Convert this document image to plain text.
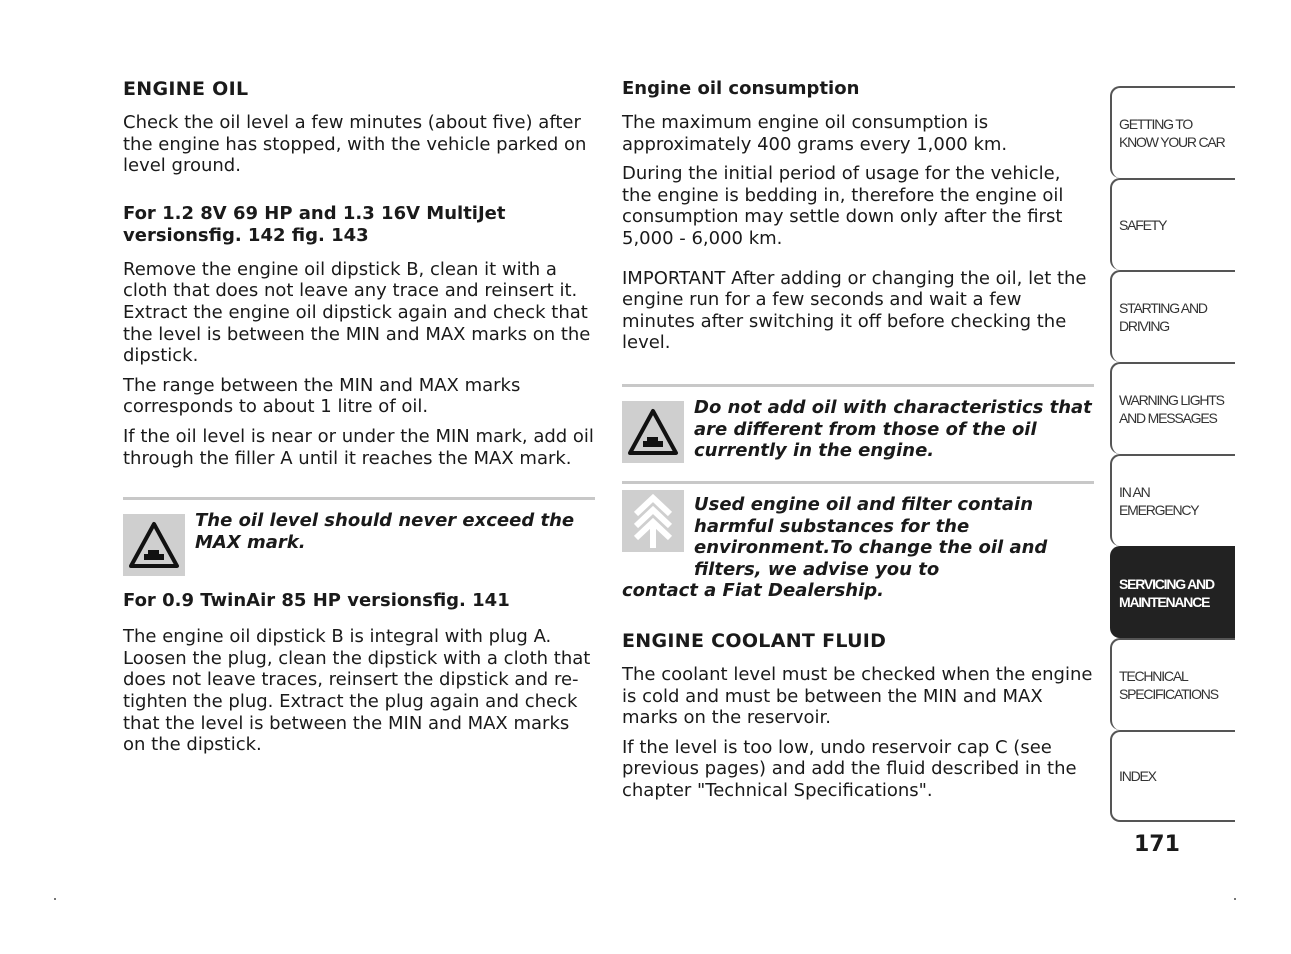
ENGINE OIL

Check the oil level a few minutes (about five) after the engine has stopped, with the vehicle parked on level ground.

For 1.2 8V 69 HP and 1.3 16V MultiJet versionsfig. 142 fig. 143

Remove the engine oil dipstick B, clean it with a cloth that does not leave any trace and reinsert it. Extract the engine oil dipstick again and check that the level is between the MIN and MAX marks on the dipstick.

The range between the MIN and MAX marks corresponds to about 1 litre of oil.

If the oil level is near or under the MIN mark, add oil through the filler A until it reaches the MAX mark.

The oil level should never exceed the MAX mark.
For 0.9 TwinAir 85 HP versionsfig. 141

The engine oil dipstick B is integral with plug A. Loosen the plug, clean the dipstick with a cloth that does not leave traces, reinsert the dipstick and re-tighten the plug. Extract the plug again and check that the level is between the MIN and MAX marks on the dipstick.

Engine oil consumption

The maximum engine oil consumption is approximately 400 grams every 1,000 km.

During the initial period of usage for the vehicle, the engine is bedding in, therefore the engine oil consumption may settle down only after the first 5,000 - 6,000 km.

IMPORTANT After adding or changing the oil, let the engine run for a few seconds and wait a few minutes after switching it off before checking the level.

Do not add oil with characteristics that are different from those of the oil currently in the engine.
Used engine oil and filter contain harmful substances for the environment.To change the oil and filters, we advise you to
contact a Fiat Dealership.
ENGINE COOLANT FLUID

The coolant level must be checked when the engine is cold and must be between the MIN and MAX marks on the reservoir.

If the level is too low, undo reservoir cap C (see previous pages) and add the fluid described in the chapter "Technical Specifications".

GETTING TO KNOW YOUR CAR
SAFETY
STARTING AND DRIVING
WARNING LIGHTS AND MESSAGES
IN AN EMERGENCY
SERVICING AND MAINTENANCE
TECHNICAL SPECIFICATIONS
INDEX
171
